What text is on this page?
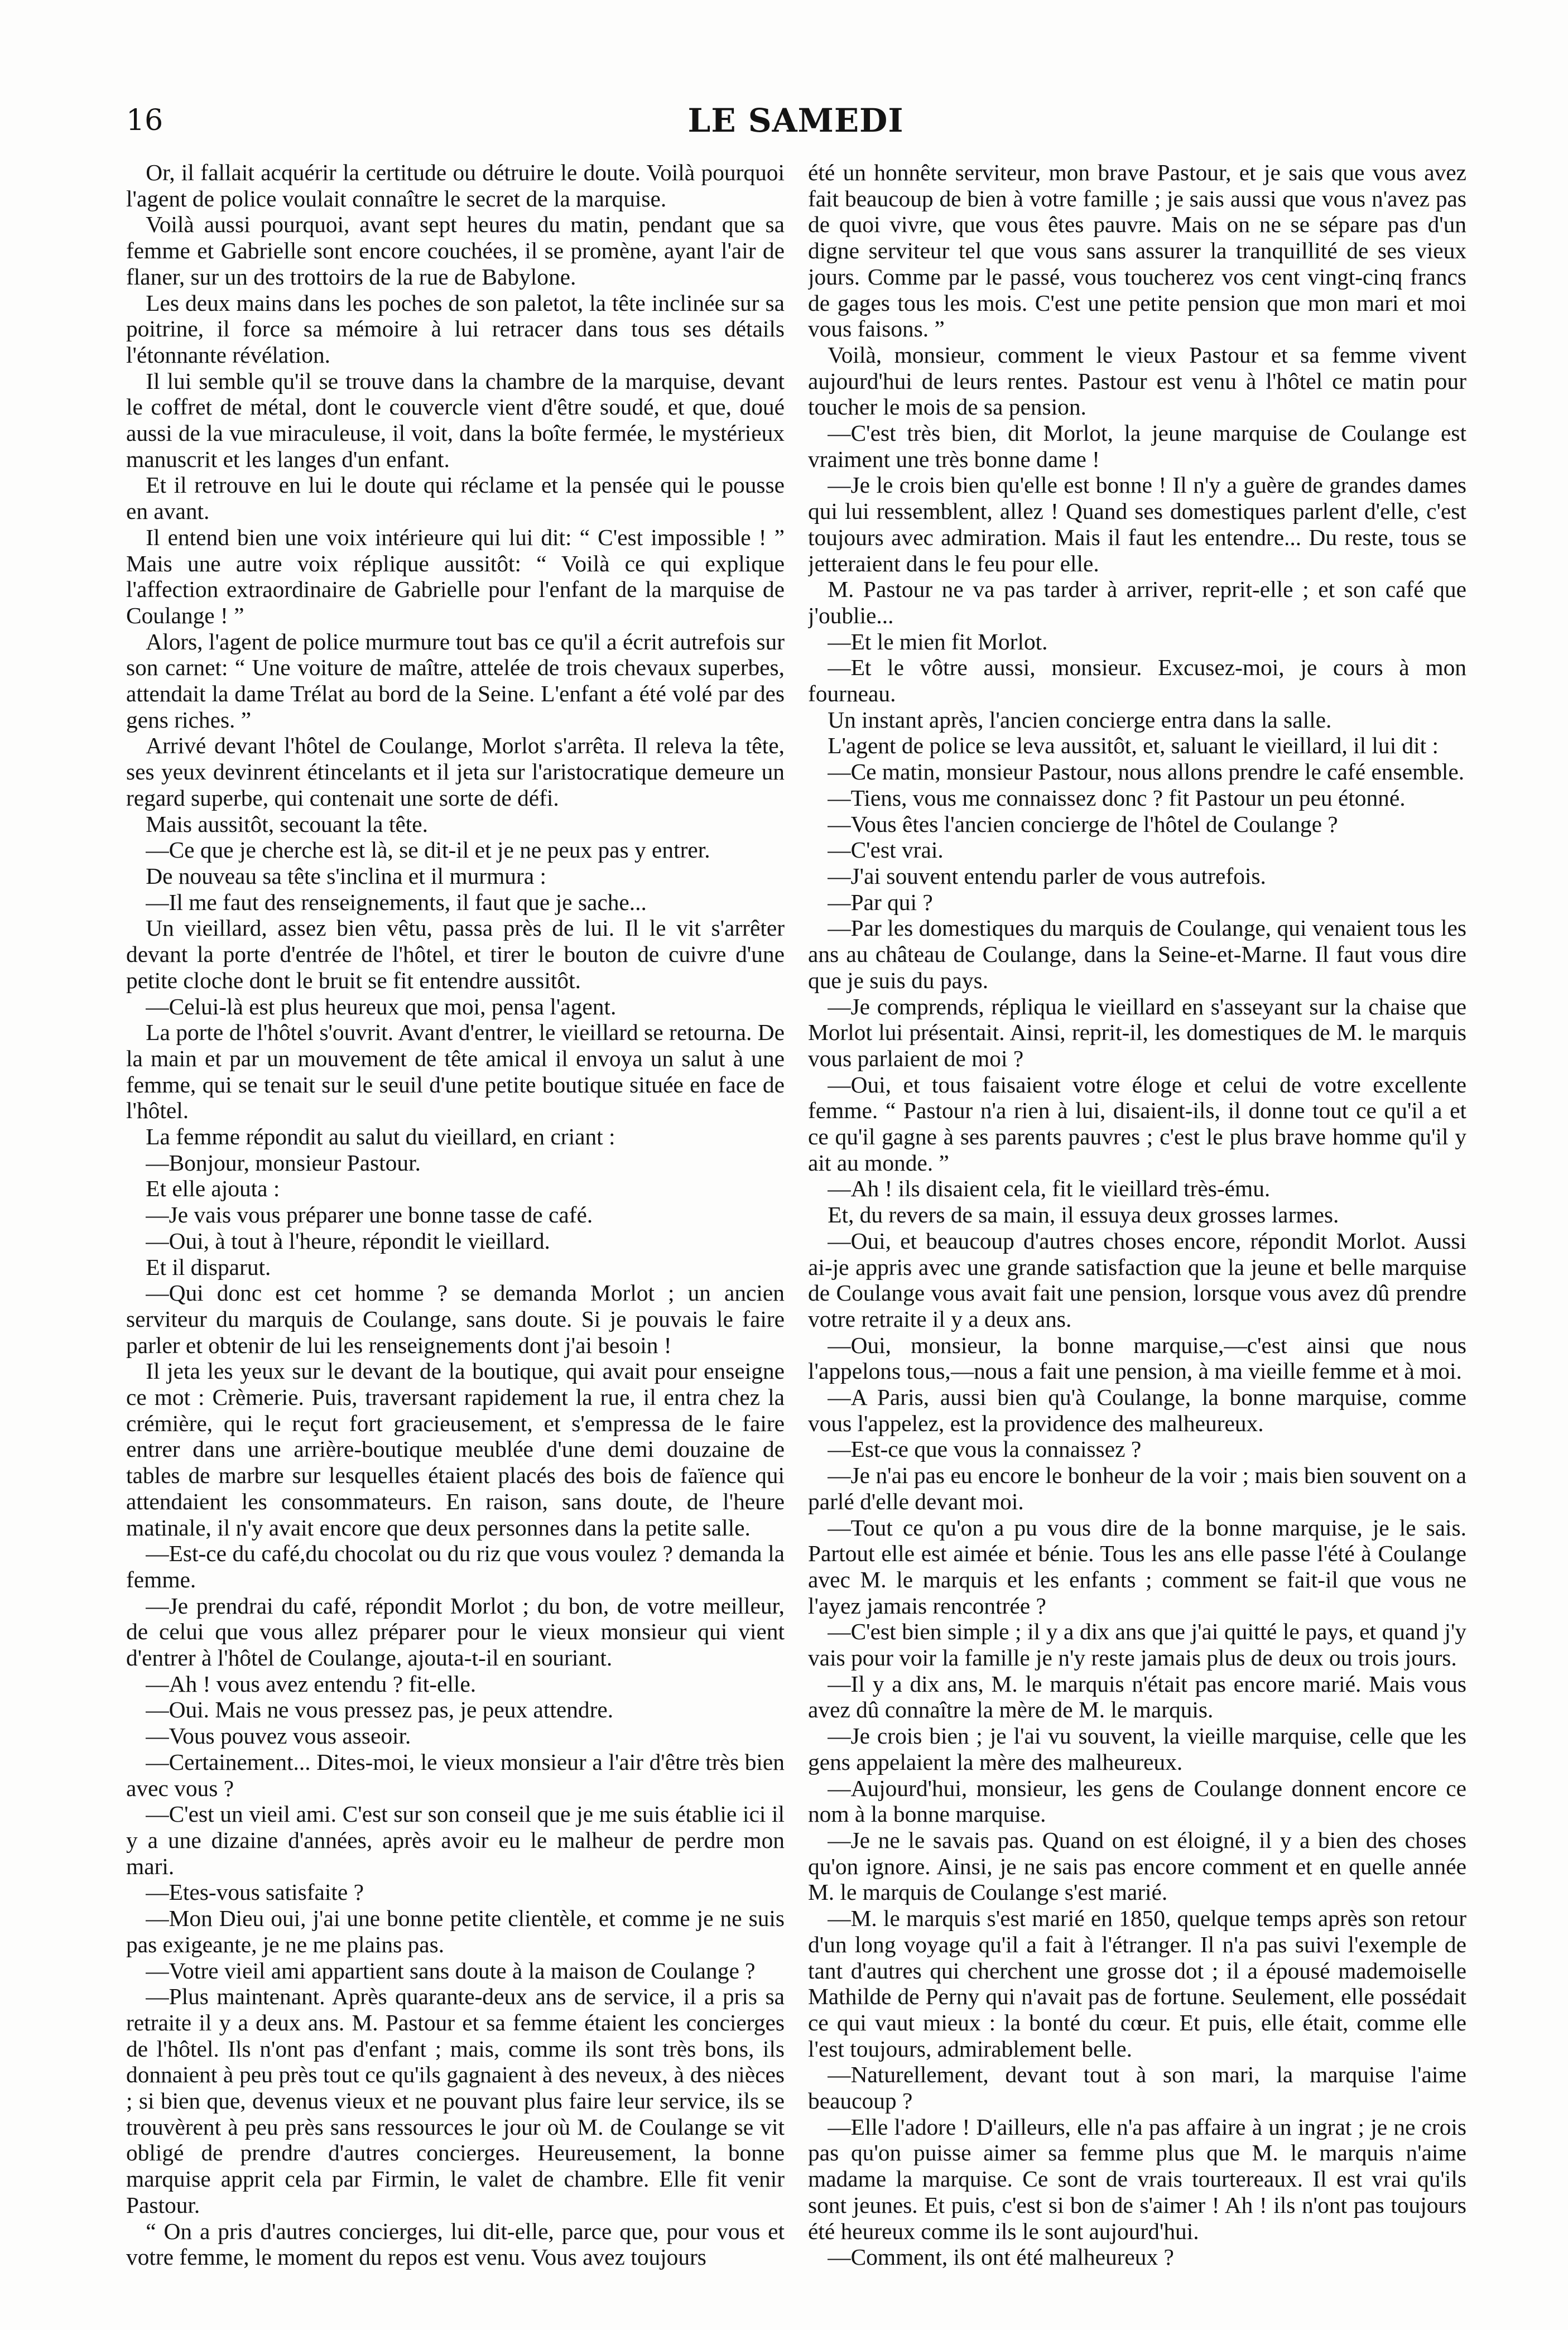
16	LE SAMEDI

Or, il fallait acquérir la certitude ou détruire le doute. Voilà pourquoi l'agent de police voulait connaître le secret de la marquise.

Voilà aussi pourquoi, avant sept heures du matin, pendant que sa femme et Gabrielle sont encore couchées, il se promène, ayant l'air de flaner, sur un des trottoirs de la rue de Babylone.

Les deux mains dans les poches de son paletot, la tête inclinée sur sa poitrine, il force sa mémoire à lui retracer dans tous ses détails l'étonnante révélation.

Il lui semble qu'il se trouve dans la chambre de la marquise, devant le coffret de métal, dont le couvercle vient d'être soudé, et que, doué aussi de la vue miraculeuse, il voit, dans la boîte fermée, le mystérieux manuscrit et les langes d'un enfant.

Et il retrouve en lui le doute qui réclame et la pensée qui le pousse en avant.

Il entend bien une voix intérieure qui lui dit: “ C'est impossible ! ” Mais une autre voix réplique aussitôt: “ Voilà ce qui explique l'affection extraordinaire de Gabrielle pour l'enfant de la marquise de Coulange ! ”

Alors, l'agent de police murmure tout bas ce qu'il a écrit autrefois sur son carnet: “ Une voiture de maître, attelée de trois chevaux superbes, attendait la dame Trélat au bord de la Seine. L'enfant a été volé par des gens riches. ”

Arrivé devant l'hôtel de Coulange, Morlot s'arrêta. Il releva la tête, ses yeux devinrent étincelants et il jeta sur l'aristocratique demeure un regard superbe, qui contenait une sorte de défi.

Mais aussitôt, secouant la tête.

—Ce que je cherche est là, se dit-il et je ne peux pas y entrer.

De nouveau sa tête s'inclina et il murmura :

—Il me faut des renseignements, il faut que je sache...

Un vieillard, assez bien vêtu, passa près de lui. Il le vit s'arrêter devant la porte d'entrée de l'hôtel, et tirer le bouton de cuivre d'une petite cloche dont le bruit se fit entendre aussitôt.

—Celui-là est plus heureux que moi, pensa l'agent.

La porte de l'hôtel s'ouvrit. Avant d'entrer, le vieillard se retourna. De la main et par un mouvement de tête amical il envoya un salut à une femme, qui se tenait sur le seuil d'une petite boutique située en face de l'hôtel.

La femme répondit au salut du vieillard, en criant :

—Bonjour, monsieur Pastour.

Et elle ajouta :

—Je vais vous préparer une bonne tasse de café.

—Oui, à tout à l'heure, répondit le vieillard.

Et il disparut.

—Qui donc est cet homme ? se demanda Morlot ; un ancien serviteur du marquis de Coulange, sans doute. Si je pouvais le faire parler et obtenir de lui les renseignements dont j'ai besoin !

Il jeta les yeux sur le devant de la boutique, qui avait pour enseigne ce mot : Crèmerie. Puis, traversant rapidement la rue, il entra chez la crémière, qui le reçut fort gracieusement, et s'empressa de le faire entrer dans une arrière-boutique meublée d'une demi douzaine de tables de marbre sur lesquelles étaient placés des bois de faïence qui attendaient les consommateurs. En raison, sans doute, de l'heure matinale, il n'y avait encore que deux personnes dans la petite salle.

—Est-ce du café,du chocolat ou du riz que vous voulez ? demanda la femme.

—Je prendrai du café, répondit Morlot ; du bon, de votre meilleur, de celui que vous allez préparer pour le vieux monsieur qui vient d'entrer à l'hôtel de Coulange, ajouta-t-il en souriant.

—Ah ! vous avez entendu ? fit-elle.

—Oui. Mais ne vous pressez pas, je peux attendre.

—Vous pouvez vous asseoir.

—Certainement... Dites-moi, le vieux monsieur a l'air d'être très bien avec vous ?

—C'est un vieil ami. C'est sur son conseil que je me suis établie ici il y a une dizaine d'années, après avoir eu le malheur de perdre mon mari.

—Etes-vous satisfaite ?

—Mon Dieu oui, j'ai une bonne petite clientèle, et comme je ne suis pas exigeante, je ne me plains pas.

—Votre vieil ami appartient sans doute à la maison de Coulange ?

—Plus maintenant. Après quarante-deux ans de service, il a pris sa retraite il y a deux ans. M. Pastour et sa femme étaient les concierges de l'hôtel. Ils n'ont pas d'enfant ; mais, comme ils sont très bons, ils donnaient à peu près tout ce qu'ils gagnaient à des neveux, à des nièces ; si bien que, devenus vieux et ne pouvant plus faire leur service, ils se trouvèrent à peu près sans ressources le jour où M. de Coulange se vit obligé de prendre d'autres concierges. Heureusement, la bonne marquise apprit cela par Firmin, le valet de chambre. Elle fit venir Pastour.

“ On a pris d'autres concierges, lui dit-elle, parce que, pour vous et votre femme, le moment du repos est venu. Vous avez toujours

été un honnête serviteur, mon brave Pastour, et je sais que vous avez fait beaucoup de bien à votre famille ; je sais aussi que vous n'avez pas de quoi vivre, que vous êtes pauvre. Mais on ne se sépare pas d'un digne serviteur tel que vous sans assurer la tranquillité de ses vieux jours. Comme par le passé, vous toucherez vos cent vingt-cinq francs de gages tous les mois. C'est une petite pension que mon mari et moi vous faisons. ”

Voilà, monsieur, comment le vieux Pastour et sa femme vivent aujourd'hui de leurs rentes. Pastour est venu à l'hôtel ce matin pour toucher le mois de sa pension.

—C'est très bien, dit Morlot, la jeune marquise de Coulange est vraiment une très bonne dame !

—Je le crois bien qu'elle est bonne ! Il n'y a guère de grandes dames qui lui ressemblent, allez ! Quand ses domestiques parlent d'elle, c'est toujours avec admiration. Mais il faut les entendre... Du reste, tous se jetteraient dans le feu pour elle.

M. Pastour ne va pas tarder à arriver, reprit-elle ; et son café que j'oublie...

—Et le mien fit Morlot.

—Et le vôtre aussi, monsieur. Excusez-moi, je cours à mon fourneau.

Un instant après, l'ancien concierge entra dans la salle.

L'agent de police se leva aussitôt, et, saluant le vieillard, il lui dit :

—Ce matin, monsieur Pastour, nous allons prendre le café ensemble.

—Tiens, vous me connaissez donc ? fit Pastour un peu étonné.

—Vous êtes l'ancien concierge de l'hôtel de Coulange ?

—C'est vrai.

—J'ai souvent entendu parler de vous autrefois.

—Par qui ?

—Par les domestiques du marquis de Coulange, qui venaient tous les ans au château de Coulange, dans la Seine-et-Marne. Il faut vous dire que je suis du pays.

—Je comprends, répliqua le vieillard en s'asseyant sur la chaise que Morlot lui présentait. Ainsi, reprit-il, les domestiques de M. le marquis vous parlaient de moi ?

—Oui, et tous faisaient votre éloge et celui de votre excellente femme. “ Pastour n'a rien à lui, disaient-ils, il donne tout ce qu'il a et ce qu'il gagne à ses parents pauvres ; c'est le plus brave homme qu'il y ait au monde. ”

—Ah ! ils disaient cela, fit le vieillard très-ému.

Et, du revers de sa main, il essuya deux grosses larmes.

—Oui, et beaucoup d'autres choses encore, répondit Morlot. Aussi ai-je appris avec une grande satisfaction que la jeune et belle marquise de Coulange vous avait fait une pension, lorsque vous avez dû prendre votre retraite il y a deux ans.

—Oui, monsieur, la bonne marquise,—c'est ainsi que nous l'appelons tous,—nous a fait une pension, à ma vieille femme et à moi.

—A Paris, aussi bien qu'à Coulange, la bonne marquise, comme vous l'appelez, est la providence des malheureux.

—Est-ce que vous la connaissez ?

—Je n'ai pas eu encore le bonheur de la voir ; mais bien souvent on a parlé d'elle devant moi.

—Tout ce qu'on a pu vous dire de la bonne marquise, je le sais. Partout elle est aimée et bénie. Tous les ans elle passe l'été à Coulange avec M. le marquis et les enfants ; comment se fait-il que vous ne l'ayez jamais rencontrée ?

—C'est bien simple ; il y a dix ans que j'ai quitté le pays, et quand j'y vais pour voir la famille je n'y reste jamais plus de deux ou trois jours.

—Il y a dix ans, M. le marquis n'était pas encore marié. Mais vous avez dû connaître la mère de M. le marquis.

—Je crois bien ; je l'ai vu souvent, la vieille marquise, celle que les gens appelaient la mère des malheureux.

—Aujourd'hui, monsieur, les gens de Coulange donnent encore ce nom à la bonne marquise.

—Je ne le savais pas. Quand on est éloigné, il y a bien des choses qu'on ignore. Ainsi, je ne sais pas encore comment et en quelle année M. le marquis de Coulange s'est marié.

—M. le marquis s'est marié en 1850, quelque temps après son retour d'un long voyage qu'il a fait à l'étranger. Il n'a pas suivi l'exemple de tant d'autres qui cherchent une grosse dot ; il a épousé mademoiselle Mathilde de Perny qui n'avait pas de fortune. Seulement, elle possédait ce qui vaut mieux : la bonté du cœur. Et puis, elle était, comme elle l'est toujours, admirablement belle.

—Naturellement, devant tout à son mari, la marquise l'aime beaucoup ?

—Elle l'adore ! D'ailleurs, elle n'a pas affaire à un ingrat ; je ne crois pas qu'on puisse aimer sa femme plus que M. le marquis n'aime madame la marquise. Ce sont de vrais tourtereaux. Il est vrai qu'ils sont jeunes. Et puis, c'est si bon de s'aimer ! Ah ! ils n'ont pas toujours été heureux comme ils le sont aujourd'hui.

—Comment, ils ont été malheureux ?
